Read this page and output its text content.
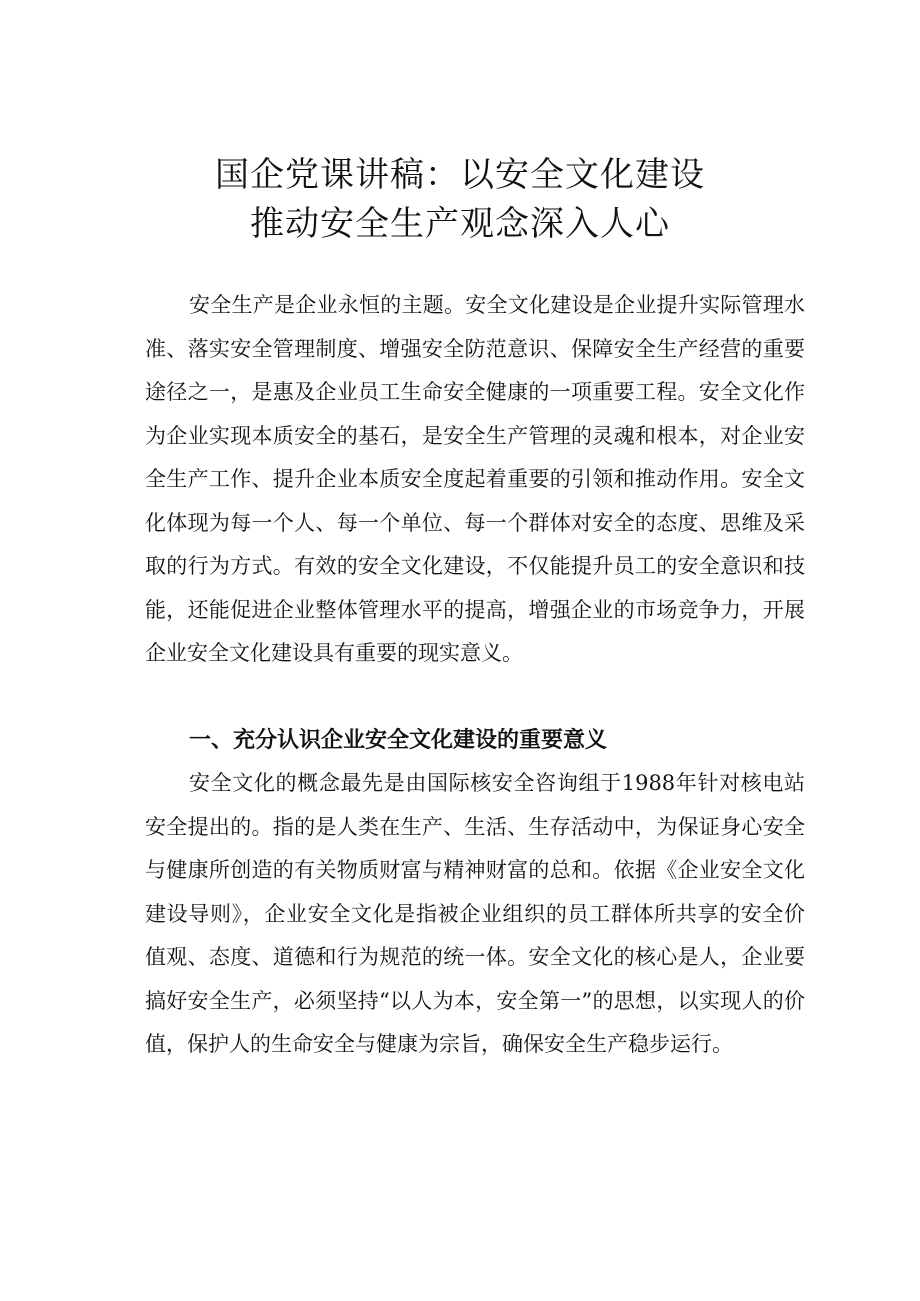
国企党课讲稿：以安全文化建设
推动安全生产观念深入人心

安全生产是企业永恒的主题。安全文化建设是企业提升实际管理水准、落实安全管理制度、增强安全防范意识、保障安全生产经营的重要途径之一，是惠及企业员工生命安全健康的一项重要工程。安全文化作为企业实现本质安全的基石，是安全生产管理的灵魂和根本，对企业安全生产工作、提升企业本质安全度起着重要的引领和推动作用。安全文化体现为每一个人、每一个单位、每一个群体对安全的态度、思维及采取的行为方式。有效的安全文化建设，不仅能提升员工的安全意识和技能，还能促进企业整体管理水平的提高，增强企业的市场竞争力，开展企业安全文化建设具有重要的现实意义。

一、充分认识企业安全文化建设的重要意义

安全文化的概念最先是由国际核安全咨询组于1988年针对核电站安全提出的。指的是人类在生产、生活、生存活动中，为保证身心安全与健康所创造的有关物质财富与精神财富的总和。依据《企业安全文化建设导则》，企业安全文化是指被企业组织的员工群体所共享的安全价值观、态度、道德和行为规范的统一体。安全文化的核心是人，企业要搞好安全生产，必须坚持“以人为本，安全第一”的思想，以实现人的价值，保护人的生命安全与健康为宗旨，确保安全生产稳步运行。
